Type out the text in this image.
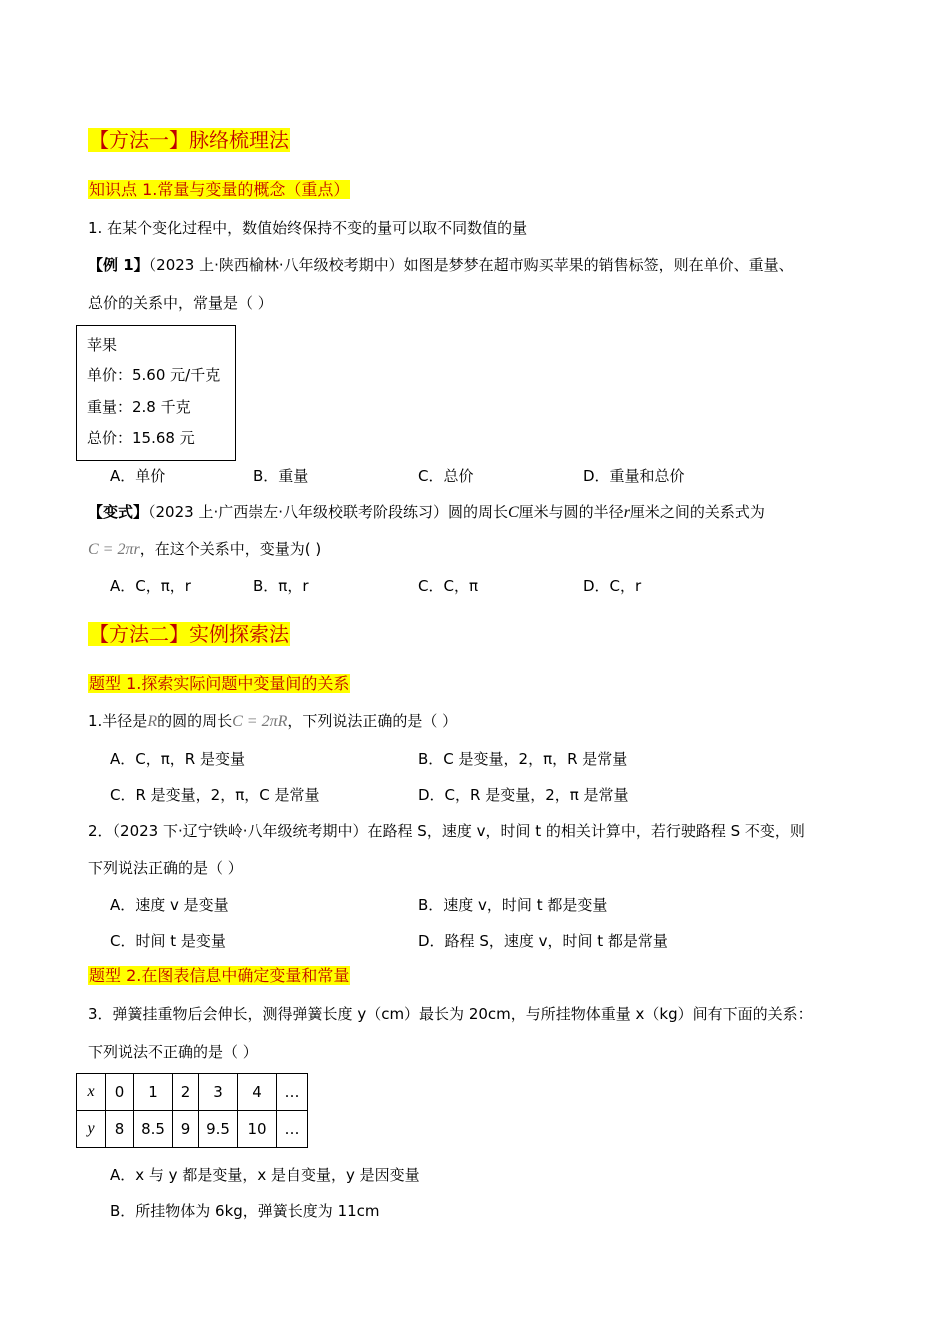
【方法一】脉络梳理法
知识点 1.常量与变量的概念（重点）
1. 在某个变化过程中，数值始终保持不变的量可以取不同数值的量
【例 1】（2023 上·陕西榆林·八年级校考期中）如图是梦梦在超市购买苹果的销售标签，则在单价、重量、
总价的关系中，常量是（ ）
苹果
单价：5.60 元/千克
重量：2.8 千克
总价：15.68 元
A．单价	B．重量	C．总价	D．重量和总价
【变式】（2023 上·广西崇左·八年级校联考阶段练习）圆的周长C厘米与圆的半径r厘米之间的关系式为
C = 2πr，在这个关系中，变量为( )
A．C，π，r	B．π，r	C．C，π	D．C，r
【方法二】实例探索法
题型 1.探索实际问题中变量间的关系
1.半径是R的圆的周长C = 2πR，下列说法正确的是（ ）
A．C，π，R 是变量	B．C 是变量，2，π，R 是常量
C．R 是变量，2，π，C 是常量	D．C，R 是变量，2，π 是常量
2．（2023 下·辽宁铁岭·八年级统考期中）在路程 S，速度 v，时间 t 的相关计算中，若行驶路程 S 不变，则
下列说法正确的是（ ）
A．速度 v 是变量	B．速度 v，时间 t 都是变量
C．时间 t 是变量	D．路程 S，速度 v，时间 t 都是常量
题型 2.在图表信息中确定变量和常量
3．弹簧挂重物后会伸长，测得弹簧长度 y（cm）最长为 20cm，与所挂物体重量 x（kg）间有下面的关系：
下列说法不正确的是（ ）
x	0	1	2	3	4	…
y	8	8.5	9	9.5	10	…
A．x 与 y 都是变量，x 是自变量，y 是因变量
B．所挂物体为 6kg，弹簧长度为 11cm
